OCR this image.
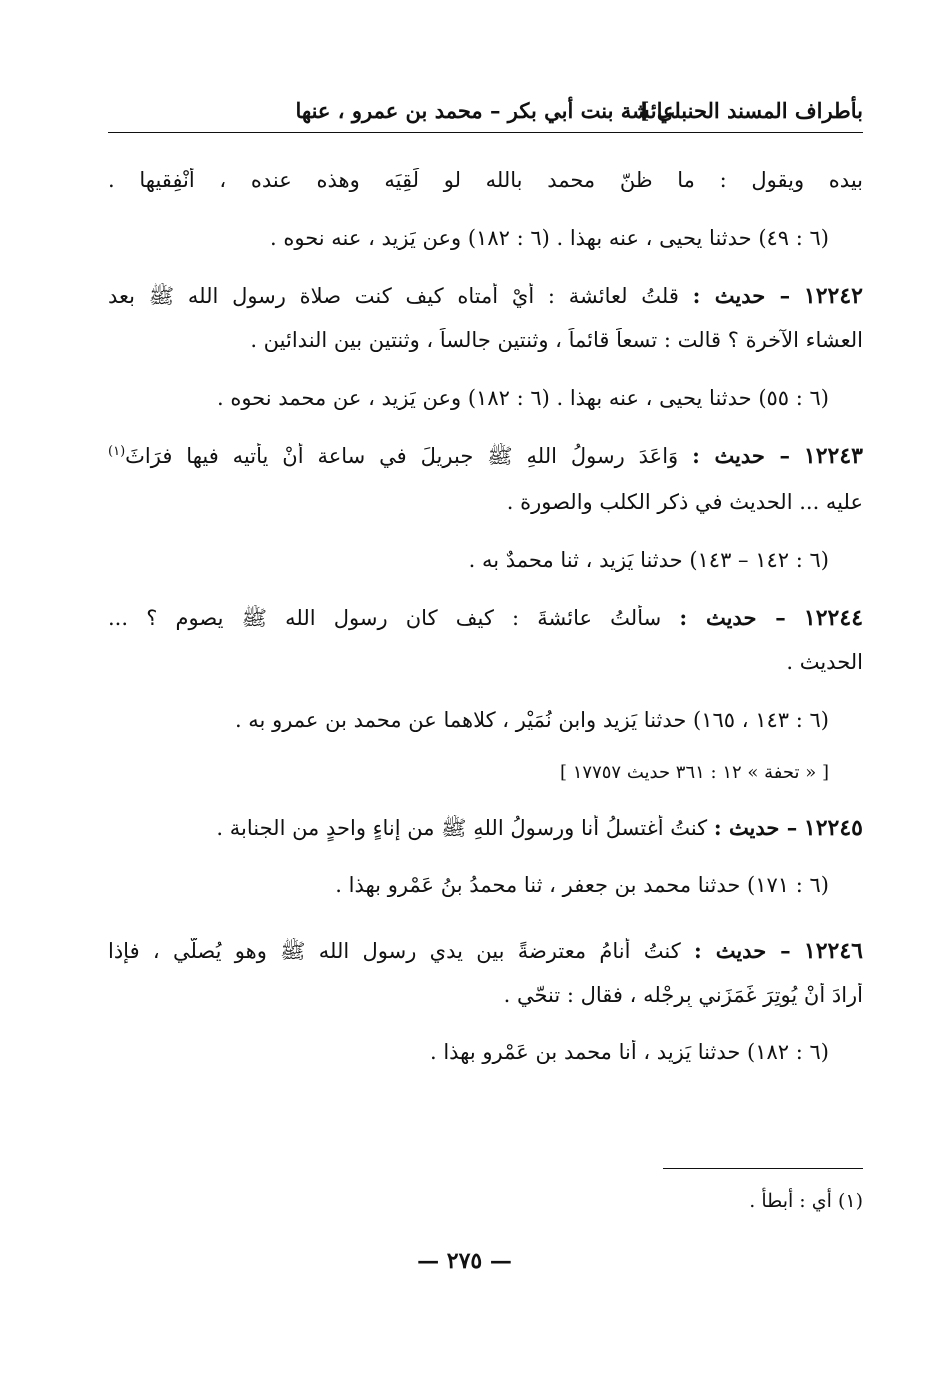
بأطراف المسند الحنبلي ]
عائشة بنت أبي بكر – محمد بن عمرو ، عنها
بيده ويقول : ما ظنّ محمد بالله لو لَقِيَه وهذه عنده ، أنْفِقيها .
(٦ : ٤٩) حدثنا يحيى ، عنه بهذا . (٦ : ١٨٢) وعن يَزيد ، عنه نحوه .
١٢٢٤٢ – حديث : قلتُ لعائشة : أيْ أمتاه كيف كنت صلاة رسول الله ﷺ بعد
العشاء الآخرة ؟ قالت : تسعاً قائماً ، وثنتين جالساً ، وثنتين بين الندائين .
(٦ : ٥٥) حدثنا يحيى ، عنه بهذا . (٦ : ١٨٢) وعن يَزيد ، عن محمد نحوه .
١٢٢٤٣ – حديث : وَاعَدَ رسولُ اللهِ ﷺ جبريلَ في ساعة أنْ يأتيه فيها فرَاثَ$^{(١)}$
عليه ... الحديث في ذكر الكلب والصورة .
(٦ : ١٤٢ – ١٤٣) حدثنا يَزيد ، ثنا محمدٌ به .
١٢٢٤٤ – حديث : سألتُ عائشةَ : كيف كان رسول الله ﷺ يصوم ؟ ...
الحديث .
(٦ : ١٤٣ ، ١٦٥) حدثنا يَزيد وابن نُمَيْر ، كلاهما عن محمد بن عمرٍو به .
[ « تحفة » ١٢ : ٣٦١ حديث ١٧٧٥٧ ]
١٢٢٤٥ – حديث : كنتُ أغتسلُ أنا ورسولُ اللهِ ﷺ من إناءٍ واحدٍ من الجنابة .
(٦ : ١٧١) حدثنا محمد بن جعفر ، ثنا محمدُ بنُ عَمْرٍو بهذا .
١٢٢٤٦ – حديث : كنتُ أنامُ معترضةً بين يدي رسول الله ﷺ وهو يُصلّي ، فإذا
أرادَ أنْ يُوتِرَ غَمَزَني بِرِجْله ، فقال : تنحّي .
(٦ : ١٨٢) حدثنا يَزيد ، أنا محمد بن عَمْرو بهذا .
(١) أي : أبطأ .
— ٢٧٥ —
